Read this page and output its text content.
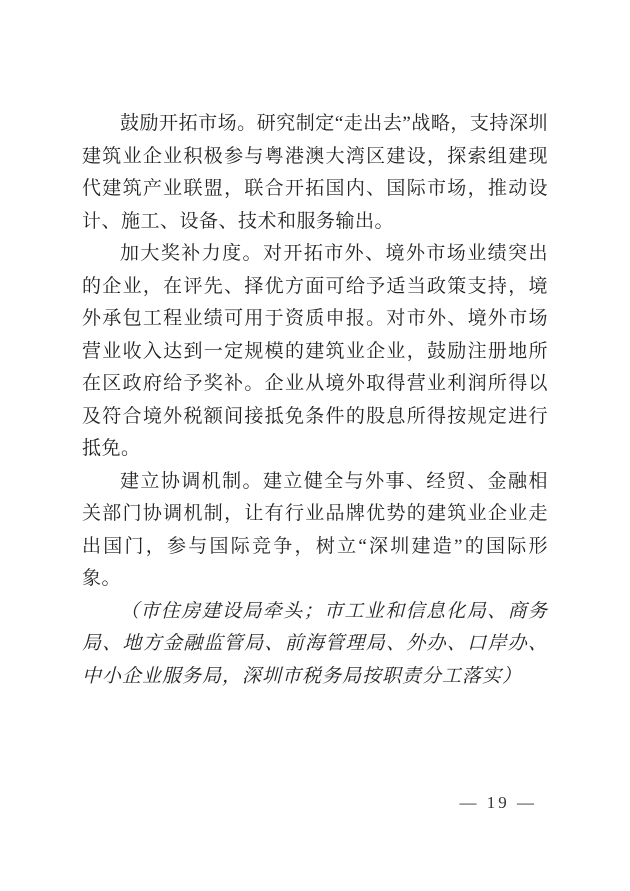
鼓励开拓市场。研究制定“走出去”战略，支持深圳建筑业企业积极参与粤港澳大湾区建设，探索组建现代建筑产业联盟，联合开拓国内、国际市场，推动设计、施工、设备、技术和服务输出。

加大奖补力度。对开拓市外、境外市场业绩突出的企业，在评先、择优方面可给予适当政策支持，境外承包工程业绩可用于资质申报。对市外、境外市场营业收入达到一定规模的建筑业企业，鼓励注册地所在区政府给予奖补。企业从境外取得营业利润所得以及符合境外税额间接抵免条件的股息所得按规定进行抵免。

建立协调机制。建立健全与外事、经贸、金融相关部门协调机制，让有行业品牌优势的建筑业企业走出国门，参与国际竞争，树立“深圳建造”的国际形象。

（市住房建设局牵头；市工业和信息化局、商务局、地方金融监管局、前海管理局、外办、口岸办、中小企业服务局，深圳市税务局按职责分工落实）

— 19 —
